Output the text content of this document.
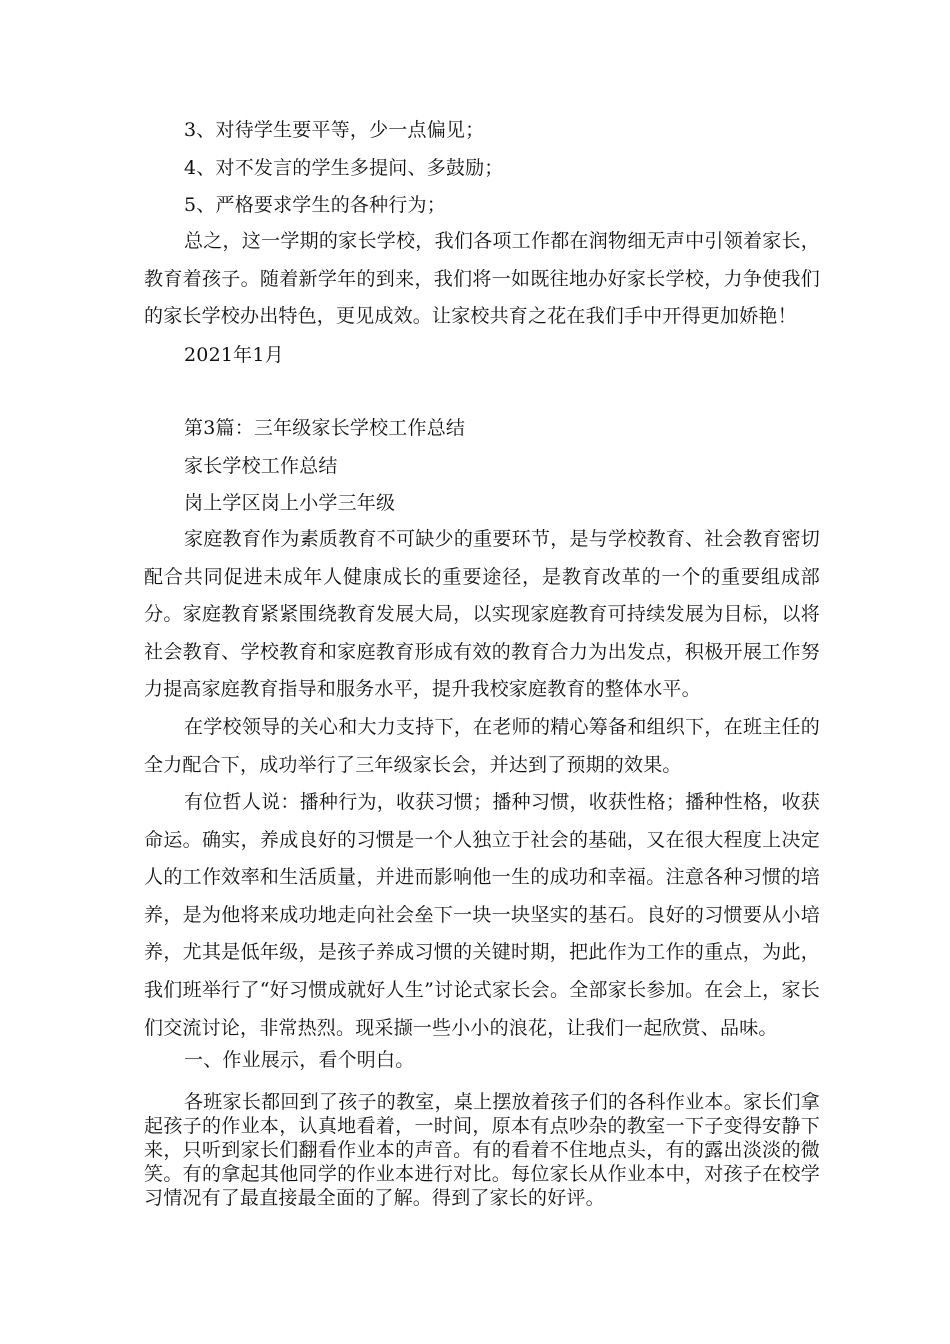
3、对待学生要平等，少一点偏见；
4、对不发言的学生多提问、多鼓励；
5、严格要求学生的各种行为；
总之，这一学期的家长学校，我们各项工作都在润物细无声中引领着家长，教育着孩子。随着新学年的到来，我们将一如既往地办好家长学校，力争使我们的家长学校办出特色，更见成效。让家校共育之花在我们手中开得更加娇艳！
2021年1月
第3篇：三年级家长学校工作总结
家长学校工作总结
岗上学区岗上小学三年级
家庭教育作为素质教育不可缺少的重要环节，是与学校教育、社会教育密切配合共同促进未成年人健康成长的重要途径，是教育改革的一个的重要组成部分。家庭教育紧紧围绕教育发展大局，以实现家庭教育可持续发展为目标，以将社会教育、学校教育和家庭教育形成有效的教育合力为出发点，积极开展工作努力提高家庭教育指导和服务水平，提升我校家庭教育的整体水平。
在学校领导的关心和大力支持下，在老师的精心筹备和组织下，在班主任的全力配合下，成功举行了三年级家长会，并达到了预期的效果。
有位哲人说：播种行为，收获习惯；播种习惯，收获性格；播种性格，收获命运。确实，养成良好的习惯是一个人独立于社会的基础，又在很大程度上决定人的工作效率和生活质量，并进而影响他一生的成功和幸福。注意各种习惯的培养，是为他将来成功地走向社会垒下一块一块坚实的基石。良好的习惯要从小培养，尤其是低年级，是孩子养成习惯的关键时期，把此作为工作的重点，为此，我们班举行了“好习惯成就好人生”讨论式家长会。全部家长参加。在会上，家长们交流讨论，非常热烈。现采撷一些小小的浪花，让我们一起欣赏、品味。
一、作业展示，看个明白。
各班家长都回到了孩子的教室，桌上摆放着孩子们的各科作业本。家长们拿起孩子的作业本，认真地看着，一时间，原本有点吵杂的教室一下子变得安静下来，只听到家长们翻看作业本的声音。有的看着不住地点头，有的露出淡淡的微笑。有的拿起其他同学的作业本进行对比。每位家长从作业本中，对孩子在校学习情况有了最直接最全面的了解。得到了家长的好评。
